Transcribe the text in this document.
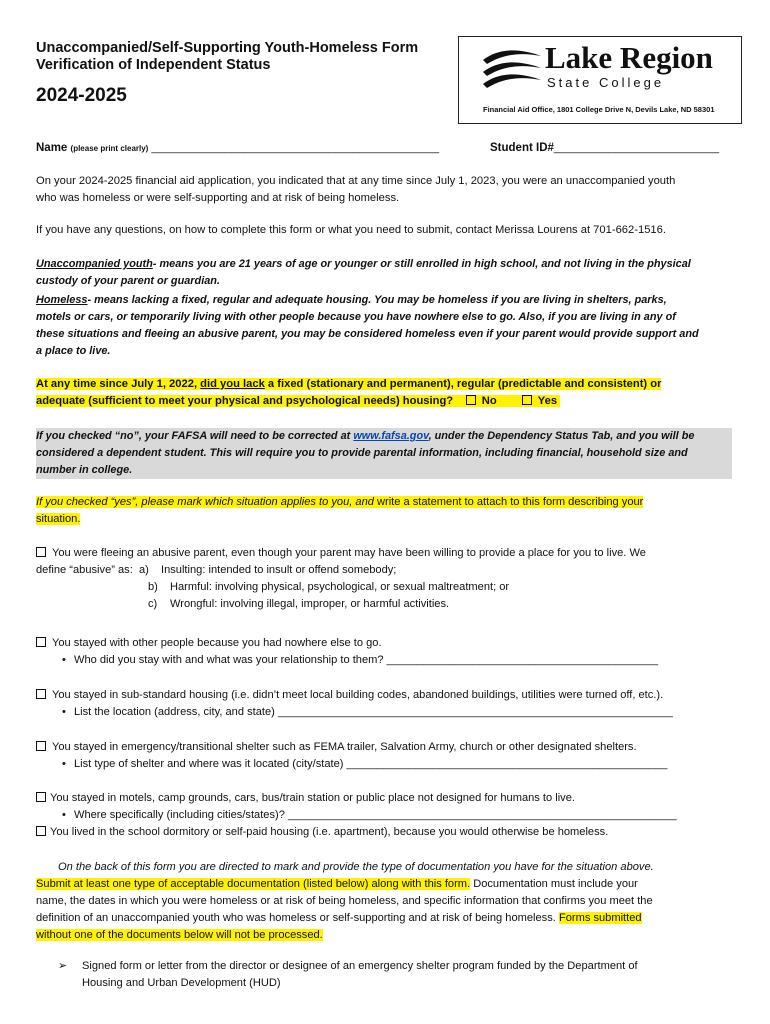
Unaccompanied/Self-Supporting Youth-Homeless Form
Verification of Independent Status
2024-2025
Lake Region
State College
Financial Aid Office, 1801 College Drive N, Devils Lake, ND 58301
Name (please print clearly) _______________________________________________	Student ID#___________________________
On your 2024-2025 financial aid application, you indicated that at any time since July 1, 2023, you were an unaccompanied youth
who was homeless or were self-supporting and at risk of being homeless.
If you have any questions, on how to complete this form or what you need to submit, contact Merissa Lourens at 701-662-1516.
Unaccompanied youth- means you are 21 years of age or younger or still enrolled in high school, and not living in the physical
custody of your parent or guardian.
Homeless- means lacking a fixed, regular and adequate housing. You may be homeless if you are living in shelters, parks,
motels or cars, or temporarily living with other people because you have nowhere else to go. Also, if you are living in any of
these situations and fleeing an abusive parent, you may be considered homeless even if your parent would provide support and
a place to live.
At any time since July 1, 2022, did you lack a fixed (stationary and permanent), regular (predictable and consistent) or
adequate (sufficient to meet your physical and psychological needs) housing?	No	Yes
If you checked “no”, your FAFSA will need to be corrected at www.fafsa.gov, under the Dependency Status Tab, and you will be
considered a dependent student. This will require you to provide parental information, including financial, household size and
number in college.
If you checked “yes”, please mark which situation applies to you, and write a statement to attach to this form describing your
situation.
You were fleeing an abusive parent, even though your parent may have been willing to provide a place for you to live. We
define “abusive” as: a) Insulting: intended to insult or offend somebody;
b) Harmful: involving physical, psychological, or sexual maltreatment; or
c) Wrongful: involving illegal, improper, or harmful activities.
You stayed with other people because you had nowhere else to go.
• Who did you stay with and what was your relationship to them? ____________________________________________
You stayed in sub-standard housing (i.e. didn’t meet local building codes, abandoned buildings, utilities were turned off, etc.).
• List the location (address, city, and state) ________________________________________________________________
You stayed in emergency/transitional shelter such as FEMA trailer, Salvation Army, church or other designated shelters.
• List type of shelter and where was it located (city/state) ____________________________________________________
You stayed in motels, camp grounds, cars, bus/train station or public place not designed for humans to live.
• Where specifically (including cities/states)? _______________________________________________________________
You lived in the school dormitory or self-paid housing (i.e. apartment), because you would otherwise be homeless.
On the back of this form you are directed to mark and provide the type of documentation you have for the situation above.
Submit at least one type of acceptable documentation (listed below) along with this form. Documentation must include your
name, the dates in which you were homeless or at risk of being homeless, and specific information that confirms you meet the
definition of an unaccompanied youth who was homeless or self-supporting and at risk of being homeless. Forms submitted
without one of the documents below will not be processed.
➢ Signed form or letter from the director or designee of an emergency shelter program funded by the Department of
Housing and Urban Development (HUD)
